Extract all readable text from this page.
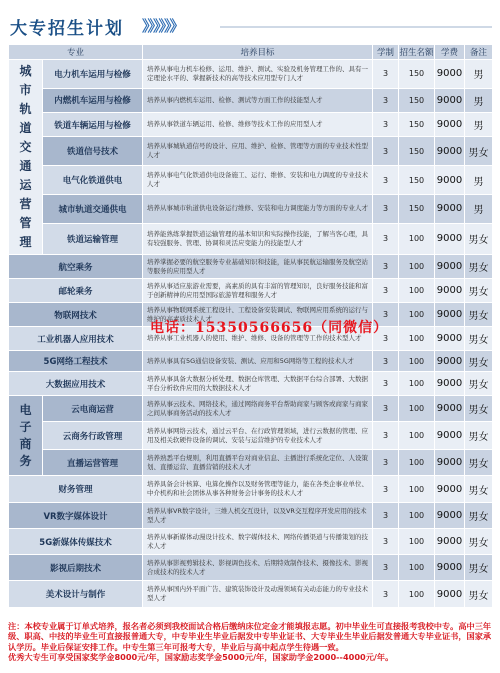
大专招生计划 》》》》》》
专业		培养目标	学制	招生名额	学费	备注

城市轨道交通运营管理	电力机车运用与检修	培养从事电力机车检修、运用、维护、测试、实验及机务管理工作的、具有一定理论水平的、掌握新技术的高等技术应用型专门人才	3	150	9000	男
	内燃机车运用与检修	培养从事内燃机车运用、检修、测试等方面工作的技能型人才	3	150	9000	男
	铁道车辆运用与检修	培养从事铁道车辆运用、检修、维修等技术工作的应用型人才	3	150	9000	男
	铁道信号技术	培养从事城轨道信号的设计、应用、维护、检修、管理等方面的专业技术性型人才	3	150	9000	男女
	电气化铁道供电	培养从事电气化铁道供电设备施工、运行、维修、安装和电力调度的专业技术人才	3	150	9000	男
	城市轨道交通供电	培养从事城市轨道供电设备运行维修、安装和电力调度能力等方面的专业人才	3	150	9000	男
	铁道运输管理	培养能熟练掌握铁道运输管理的基本知识和实际操作技能，了解当客心理，具有较强服务、管理、协调和灵活应变能力的技能型人才	3	100	9000	男女
航空乘务		培养掌握必要的航空服务专业基础知识和技能，能从事民航运输服务及航空站等服务的应用型人才	3	100	9000	男女
邮轮乘务		培养从事适应旅游业需要，高素质的具有丰富的管理知识，良好服务技能和富于创新精神的应用型国际旅游管理和服务人才	3	100	9000	男女
物联网技术		培养从事物联网系统工程设计、工程设备安装调试、物联网应用系统的运行与维护的高素质技术人才	3	100	9000	男女
工业机器人应用技术		培养从事工业机器人的使用、维护、维修、设备的管理等工作的技术型人才	3	100	9000	男女
5G网络工程技术		培养从事具有5G通信设备安装、测试、应用和5G网络等工程的技术人才	3	100	9000	男女
大数据应用技术		培养从事具备大数据分析处理、数据仓库管理、大数据平台综合部署、大数据平台分析软件应用的大数据技术人才	3	100	9000	男女

电子商务	云电商运营	培养从事云技术、网络技术，通过网络商务平台帮助商家与顾客或商家与商家之间从事商务活动的技术人才	3	100	9000	男女
	云商务行政管理	培养从事网络云技术，通过云平台、在行政管理领域，进行云数据的管理、应用及相关软硬件设备的调试、安装与运营维护的专业技术人才	3	100	9000	男女
	直播运营管理	培养熟悉平台规则，利用直播平台对商业信息、主播进行系统化定位、人设策划、直播运营、直播营销的技术人才	3	100	9000	男女
财务管理		培养具备会计核算、电算化操作以及财务管理等能力，能在各类企事业单位、中介机构和社会团体从事各种财务会计事务的技术人才	3	100	9000	男女
VR数字媒体设计		培养从事VR数字设计，三维人机交互设计，以及VR交互程序开发应用的技术型人才	3	100	9000	男女
5G新媒体传媒技术		培养从事新媒体动漫设计技术、数字媒体技术、网络传播渠道与传播策划的技术人才	3	100	9000	男女
影视后期技术		培养从事影视剪辑技术、影视调色技术、后期特效制作技术、摄像技术、影视合成技术的技术人才	3	100	9000	男女
美术设计与制作		培养从事国内外平面广告、建筑装饰设计及动漫领域有关动态能力的专业技术型人才	3	100	9000	男女
电话：15350566656（同微信）
注：本校专业属于订单式培养，报名者必须到我校面试合格后缴纳床位定金才能填报志愿。初中毕业生可直接报考我校中专。高中三年级、职高、中技的毕业生可直接报普通大专，中专毕业生毕业后据发中专毕业证书、大专毕业生毕业后据发普通大专毕业证书，国家承认学历。毕业后保证安排工作。中专生第三年可报考大专，毕业后与高中起点学生待遇一致。
优秀大专生可享受国家奖学金8000元/年，国家励志奖学金5000元/年，国家助学金2000--4000元/年。
